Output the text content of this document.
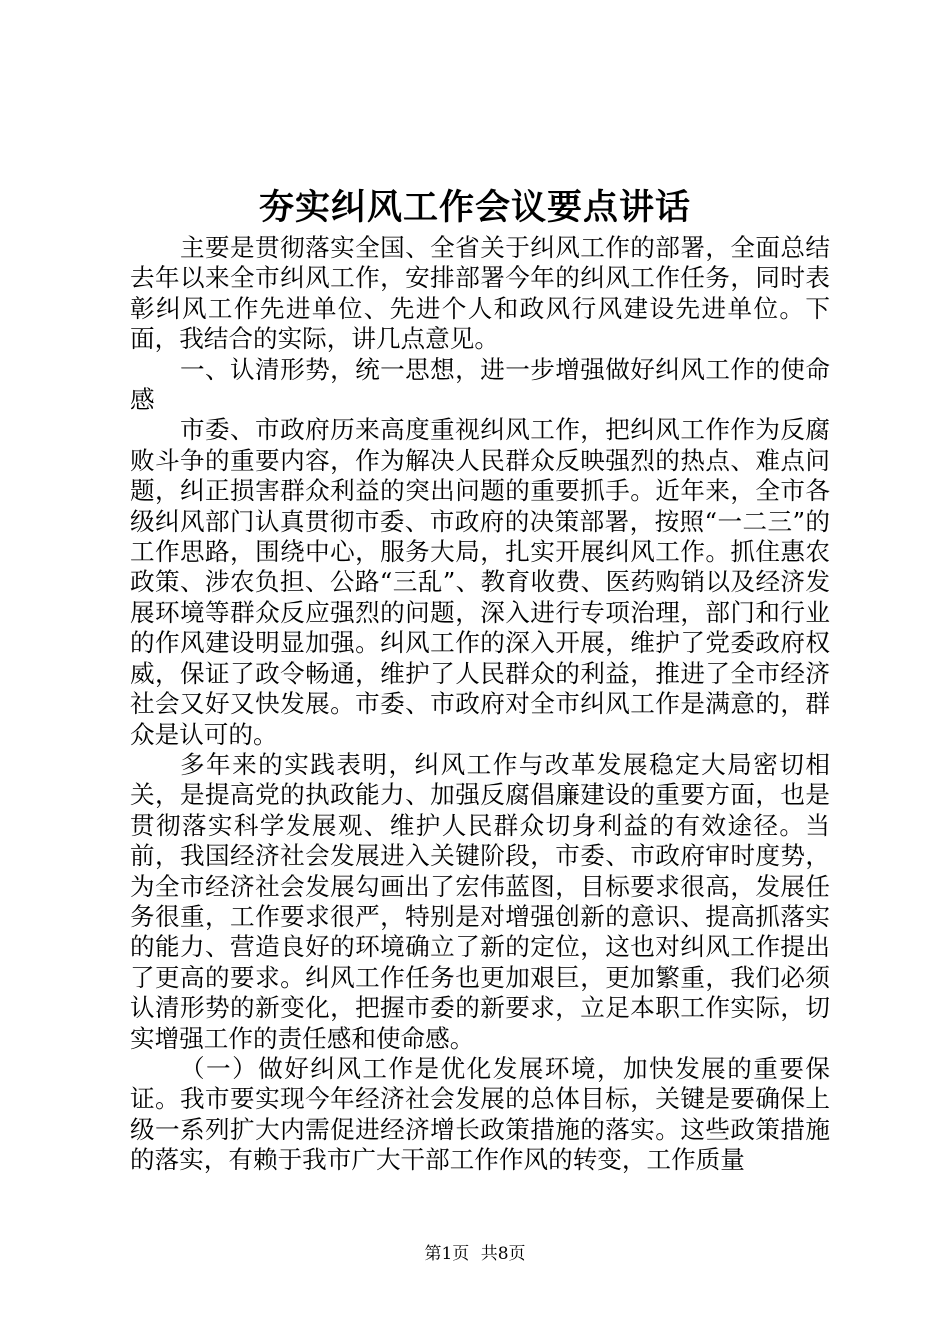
夯实纠风工作会议要点讲话

主要是贯彻落实全国、全省关于纠风工作的部署，全面总结去年以来全市纠风工作，安排部署今年的纠风工作任务，同时表彰纠风工作先进单位、先进个人和政风行风建设先进单位。下面，我结合的实际，讲几点意见。

一、认清形势，统一思想，进一步增强做好纠风工作的使命感

市委、市政府历来高度重视纠风工作，把纠风工作作为反腐败斗争的重要内容，作为解决人民群众反映强烈的热点、难点问题，纠正损害群众利益的突出问题的重要抓手。近年来，全市各级纠风部门认真贯彻市委、市政府的决策部署，按照“一二三”的工作思路，围绕中心，服务大局，扎实开展纠风工作。抓住惠农政策、涉农负担、公路“三乱”、教育收费、医药购销以及经济发展环境等群众反应强烈的问题，深入进行专项治理，部门和行业的作风建设明显加强。纠风工作的深入开展，维护了党委政府权威，保证了政令畅通，维护了人民群众的利益，推进了全市经济社会又好又快发展。市委、市政府对全市纠风工作是满意的，群众是认可的。

多年来的实践表明，纠风工作与改革发展稳定大局密切相关，是提高党的执政能力、加强反腐倡廉建设的重要方面，也是贯彻落实科学发展观、维护人民群众切身利益的有效途径。当前，我国经济社会发展进入关键阶段，市委、市政府审时度势，为全市经济社会发展勾画出了宏伟蓝图，目标要求很高，发展任务很重，工作要求很严，特别是对增强创新的意识、提高抓落实的能力、营造良好的环境确立了新的定位，这也对纠风工作提出了更高的要求。纠风工作任务也更加艰巨，更加繁重，我们必须认清形势的新变化，把握市委的新要求，立足本职工作实际，切实增强工作的责任感和使命感。

（一）做好纠风工作是优化发展环境，加快发展的重要保证。我市要实现今年经济社会发展的总体目标，关键是要确保上级一系列扩大内需促进经济增长政策措施的落实。这些政策措施的落实，有赖于我市广大干部工作作风的转变，工作质量

第1页 共8页
